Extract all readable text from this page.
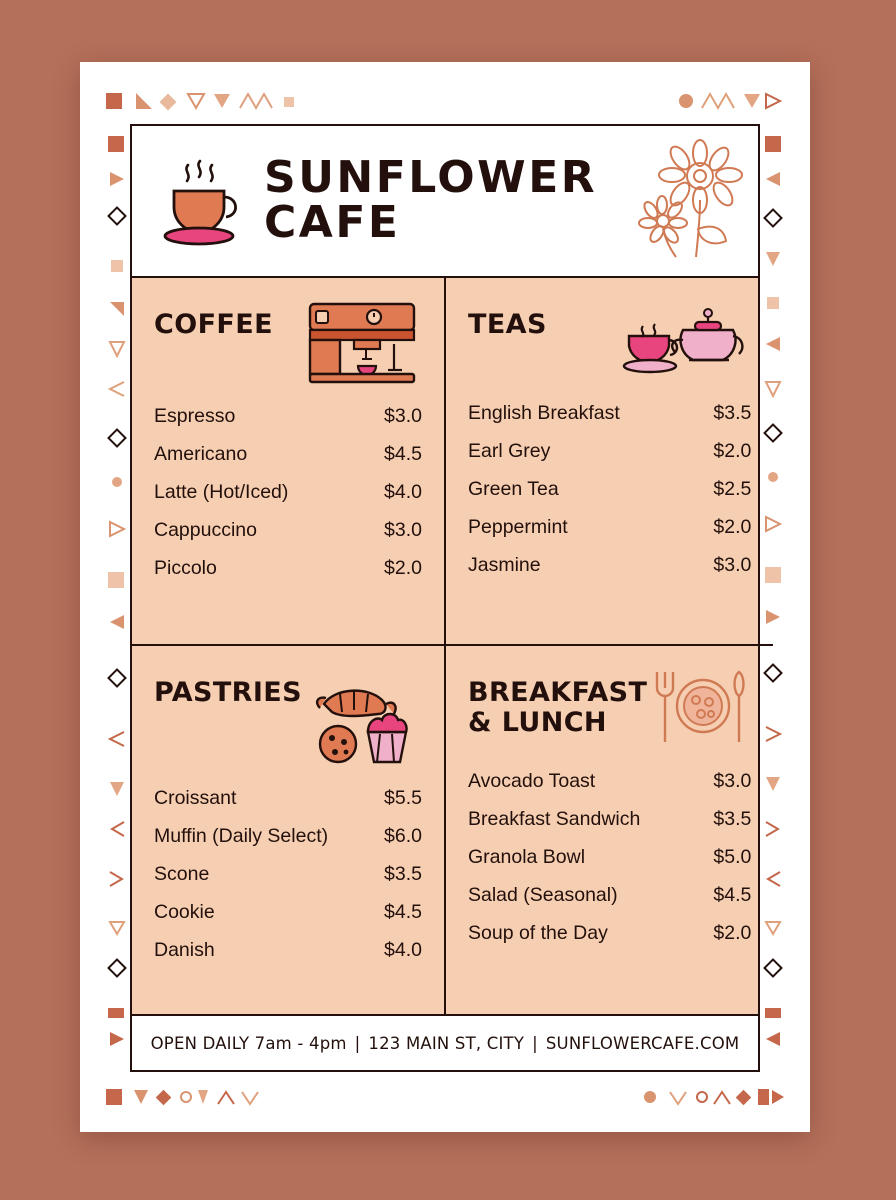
SUNFLOWER
CAFE
COFFEE
Espresso	$3.0
Americano	$4.5
Latte (Hot/Iced)	$4.0
Cappuccino	$3.0
Piccolo	$2.0
TEAS
English Breakfast	$3.5
Earl Grey	$2.0
Green Tea	$2.5
Peppermint	$2.0
Jasmine	$3.0
PASTRIES
Croissant	$5.5
Muffin (Daily Select)	$6.0
Scone	$3.5
Cookie	$4.5
Danish	$4.0
BREAKFAST
& LUNCH
Avocado Toast	$3.0
Breakfast Sandwich	$3.5
Granola Bowl	$5.0
Salad (Seasonal)	$4.5
Soup of the Day	$2.0
OPEN DAILY 7am - 4pm | 123 MAIN ST, CITY | SUNFLOWERCAFE.COM
